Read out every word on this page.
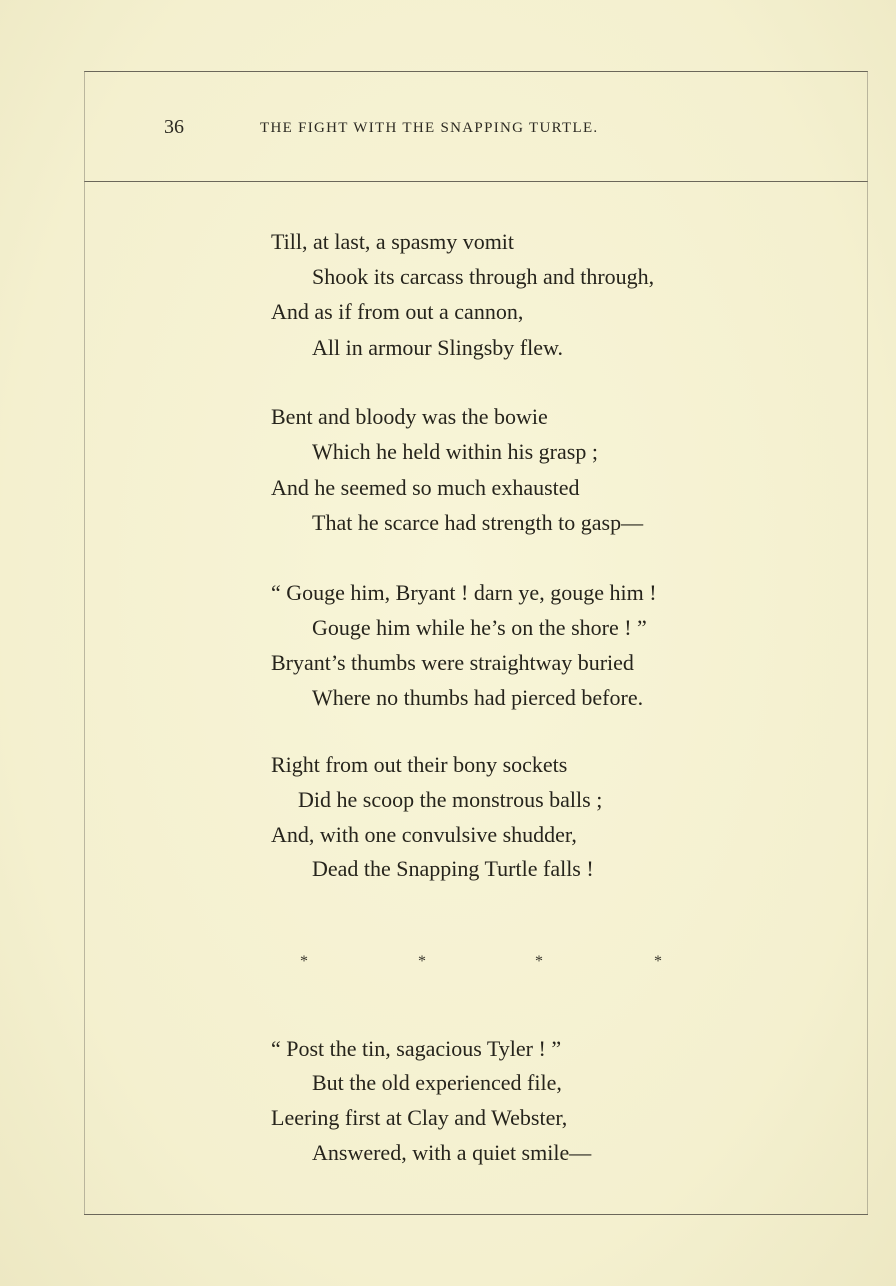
36	THE FIGHT WITH THE SNAPPING TURTLE.
Till, at last, a spasmy vomit
Shook its carcass through and through,
And as if from out a cannon,
All in armour Slingsby flew.
Bent and bloody was the bowie
Which he held within his grasp ;
And he seemed so much exhausted
That he scarce had strength to gasp—
“ Gouge him, Bryant ! darn ye, gouge him !
Gouge him while he’s on the shore ! ”
Bryant’s thumbs were straightway buried
Where no thumbs had pierced before.
Right from out their bony sockets
Did he scoop the monstrous balls ;
And, with one convulsive shudder,
Dead the Snapping Turtle falls !
*	*	*	*
“ Post the tin, sagacious Tyler ! ”
But the old experienced file,
Leering first at Clay and Webster,
Answered, with a quiet smile—
